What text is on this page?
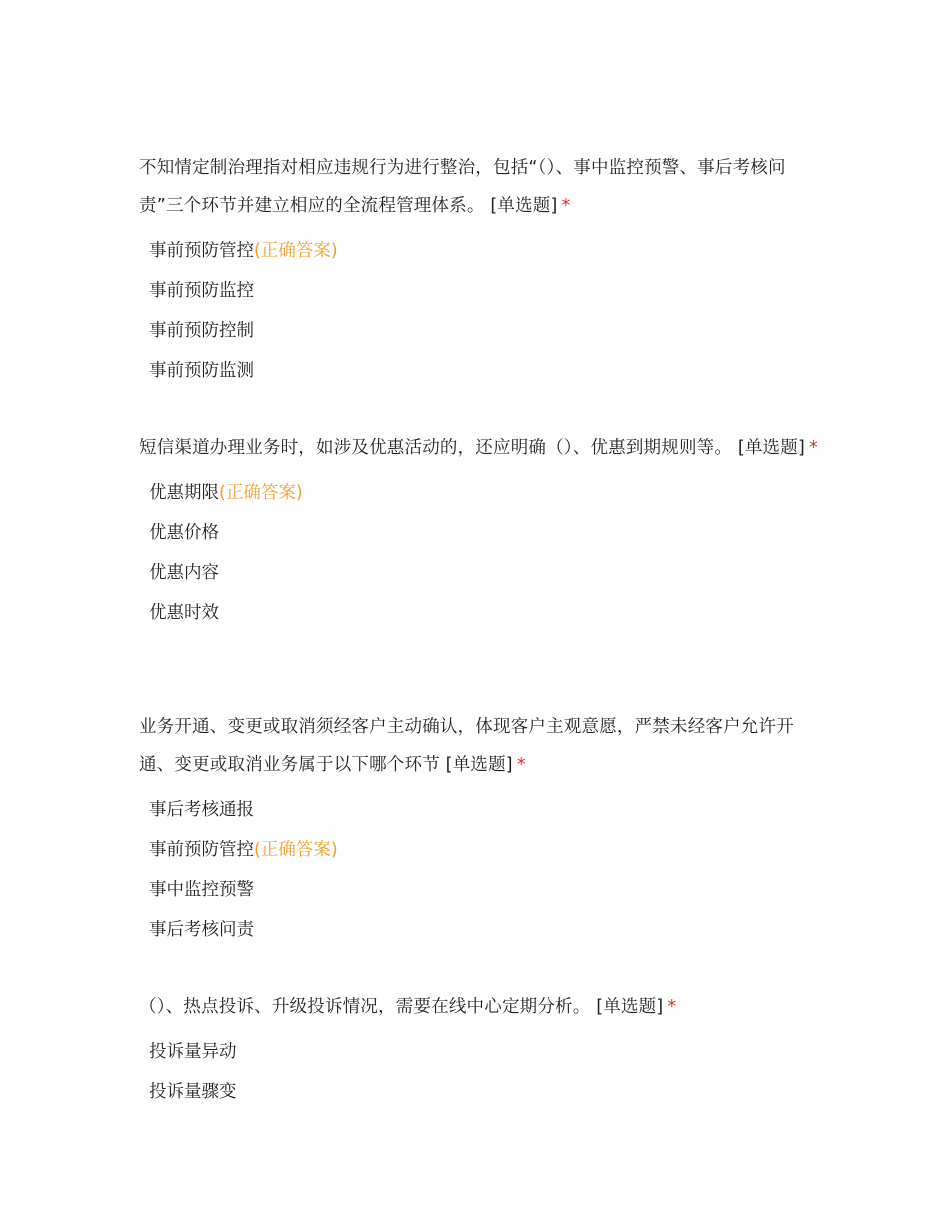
不知情定制治理指对相应违规行为进行整治，包括“（）、事中监控预警、事后考核问责”三个环节并建立相应的全流程管理体系。 [单选题] *

事前预防管控(正确答案)
事前预防监控
事前预防控制
事前预防监测

短信渠道办理业务时，如涉及优惠活动的，还应明确（）、优惠到期规则等。 [单选题] *

优惠期限(正确答案)
优惠价格
优惠内容
优惠时效

业务开通、变更或取消须经客户主动确认，体现客户主观意愿，严禁未经客户允许开通、变更或取消业务属于以下哪个环节 [单选题] *

事后考核通报
事前预防管控(正确答案)
事中监控预警
事后考核问责

（）、热点投诉、升级投诉情况，需要在线中心定期分析。 [单选题] *

投诉量异动
投诉量骤变
